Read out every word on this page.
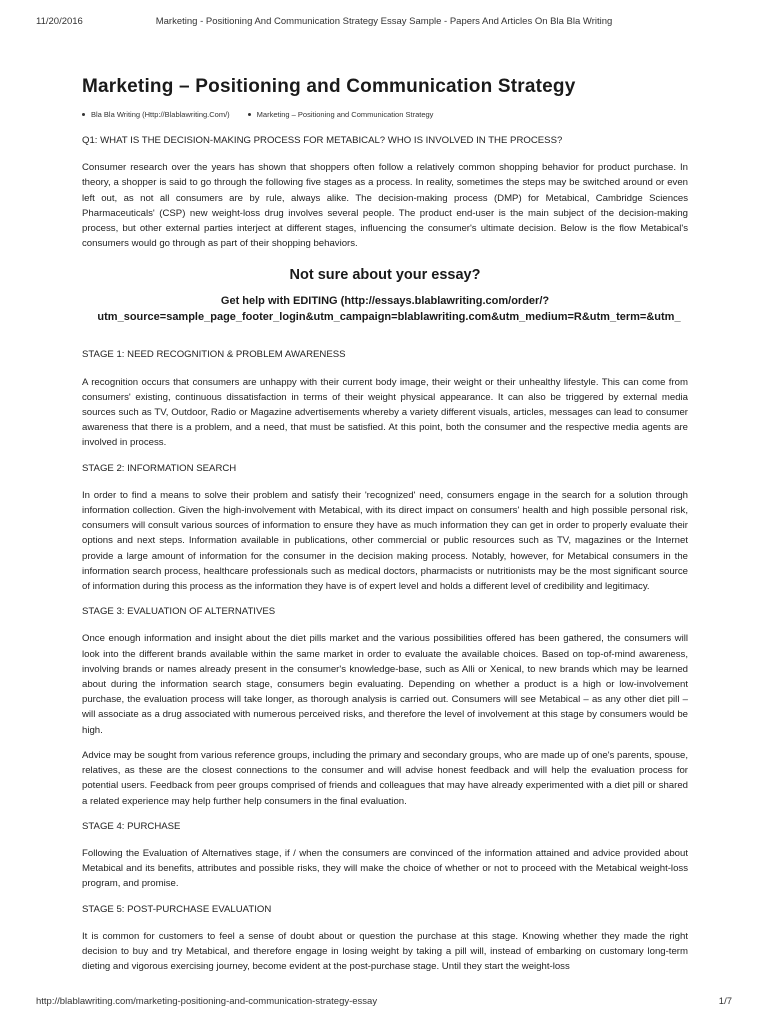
11/20/2016	Marketing - Positioning And Communication Strategy Essay Sample - Papers And Articles On Bla Bla Writing
Marketing – Positioning and Communication Strategy
Bla Bla Writing (Http://Blablawriting.Com/)	Marketing – Positioning and Communication Strategy

Q1: WHAT IS THE DECISION-MAKING PROCESS FOR METABICAL? WHO IS INVOLVED IN THE PROCESS?

Consumer research over the years has shown that shoppers often follow a relatively common shopping behavior for product purchase. In theory, a shopper is said to go through the following five stages as a process. In reality, sometimes the steps may be switched around or even left out, as not all consumers are by rule, always alike. The decision-making process (DMP) for Metabical, Cambridge Sciences Pharmaceuticals' (CSP) new weight-loss drug involves several people. The product end-user is the main subject of the decision-making process, but other external parties interject at different stages, influencing the consumer's ultimate decision. Below is the flow Metabical's consumers would go through as part of their shopping behaviors.

Not sure about your essay?
Get help with EDITING (http://essays.blablawriting.com/order/?
utm_source=sample_page_footer_login&utm_campaign=blablawriting.com&utm_medium=R&utm_term=&utm_

STAGE 1: NEED RECOGNITION & PROBLEM AWARENESS

A recognition occurs that consumers are unhappy with their current body image, their weight or their unhealthy lifestyle. This can come from consumers' existing, continuous dissatisfaction in terms of their weight physical appearance. It can also be triggered by external media sources such as TV, Outdoor, Radio or Magazine advertisements whereby a variety different visuals, articles, messages can lead to consumer awareness that there is a problem, and a need, that must be satisfied. At this point, both the consumer and the respective media agents are involved in process.

STAGE 2: INFORMATION SEARCH

In order to find a means to solve their problem and satisfy their 'recognized' need, consumers engage in the search for a solution through information collection. Given the high-involvement with Metabical, with its direct impact on consumers' health and high possible personal risk, consumers will consult various sources of information to ensure they have as much information they can get in order to properly evaluate their options and next steps. Information available in publications, other commercial or public resources such as TV, magazines or the Internet provide a large amount of information for the consumer in the decision making process. Notably, however, for Metabical consumers in the information search process, healthcare professionals such as medical doctors, pharmacists or nutritionists may be the most significant source of information during this process as the information they have is of expert level and holds a different level of credibility and legitimacy.

STAGE 3: EVALUATION OF ALTERNATIVES

Once enough information and insight about the diet pills market and the various possibilities offered has been gathered, the consumers will look into the different brands available within the same market in order to evaluate the available choices. Based on top-of-mind awareness, involving brands or names already present in the consumer's knowledge-base, such as Alli or Xenical, to new brands which may be learned about during the information search stage, consumers begin evaluating. Depending on whether a product is a high or low-involvement purchase, the evaluation process will take longer, as thorough analysis is carried out. Consumers will see Metabical – as any other diet pill – will associate as a drug associated with numerous perceived risks, and therefore the level of involvement at this stage by consumers would be high.

Advice may be sought from various reference groups, including the primary and secondary groups, who are made up of one's parents, spouse, relatives, as these are the closest connections to the consumer and will advise honest feedback and will help the evaluation process for potential users. Feedback from peer groups comprised of friends and colleagues that may have already experimented with a diet pill or shared a related experience may help further help consumers in the final evaluation.

STAGE 4: PURCHASE

Following the Evaluation of Alternatives stage, if / when the consumers are convinced of the information attained and advice provided about Metabical and its benefits, attributes and possible risks, they will make the choice of whether or not to proceed with the Metabical weight-loss program, and promise.

STAGE 5: POST-PURCHASE EVALUATION

It is common for customers to feel a sense of doubt about or question the purchase at this stage. Knowing whether they made the right decision to buy and try Metabical, and therefore engage in losing weight by taking a pill will, instead of embarking on customary long-term dieting and vigorous exercising journey, become evident at the post-purchase stage. Until they start the weight-loss

http://blablawriting.com/marketing-positioning-and-communication-strategy-essay	1/7
